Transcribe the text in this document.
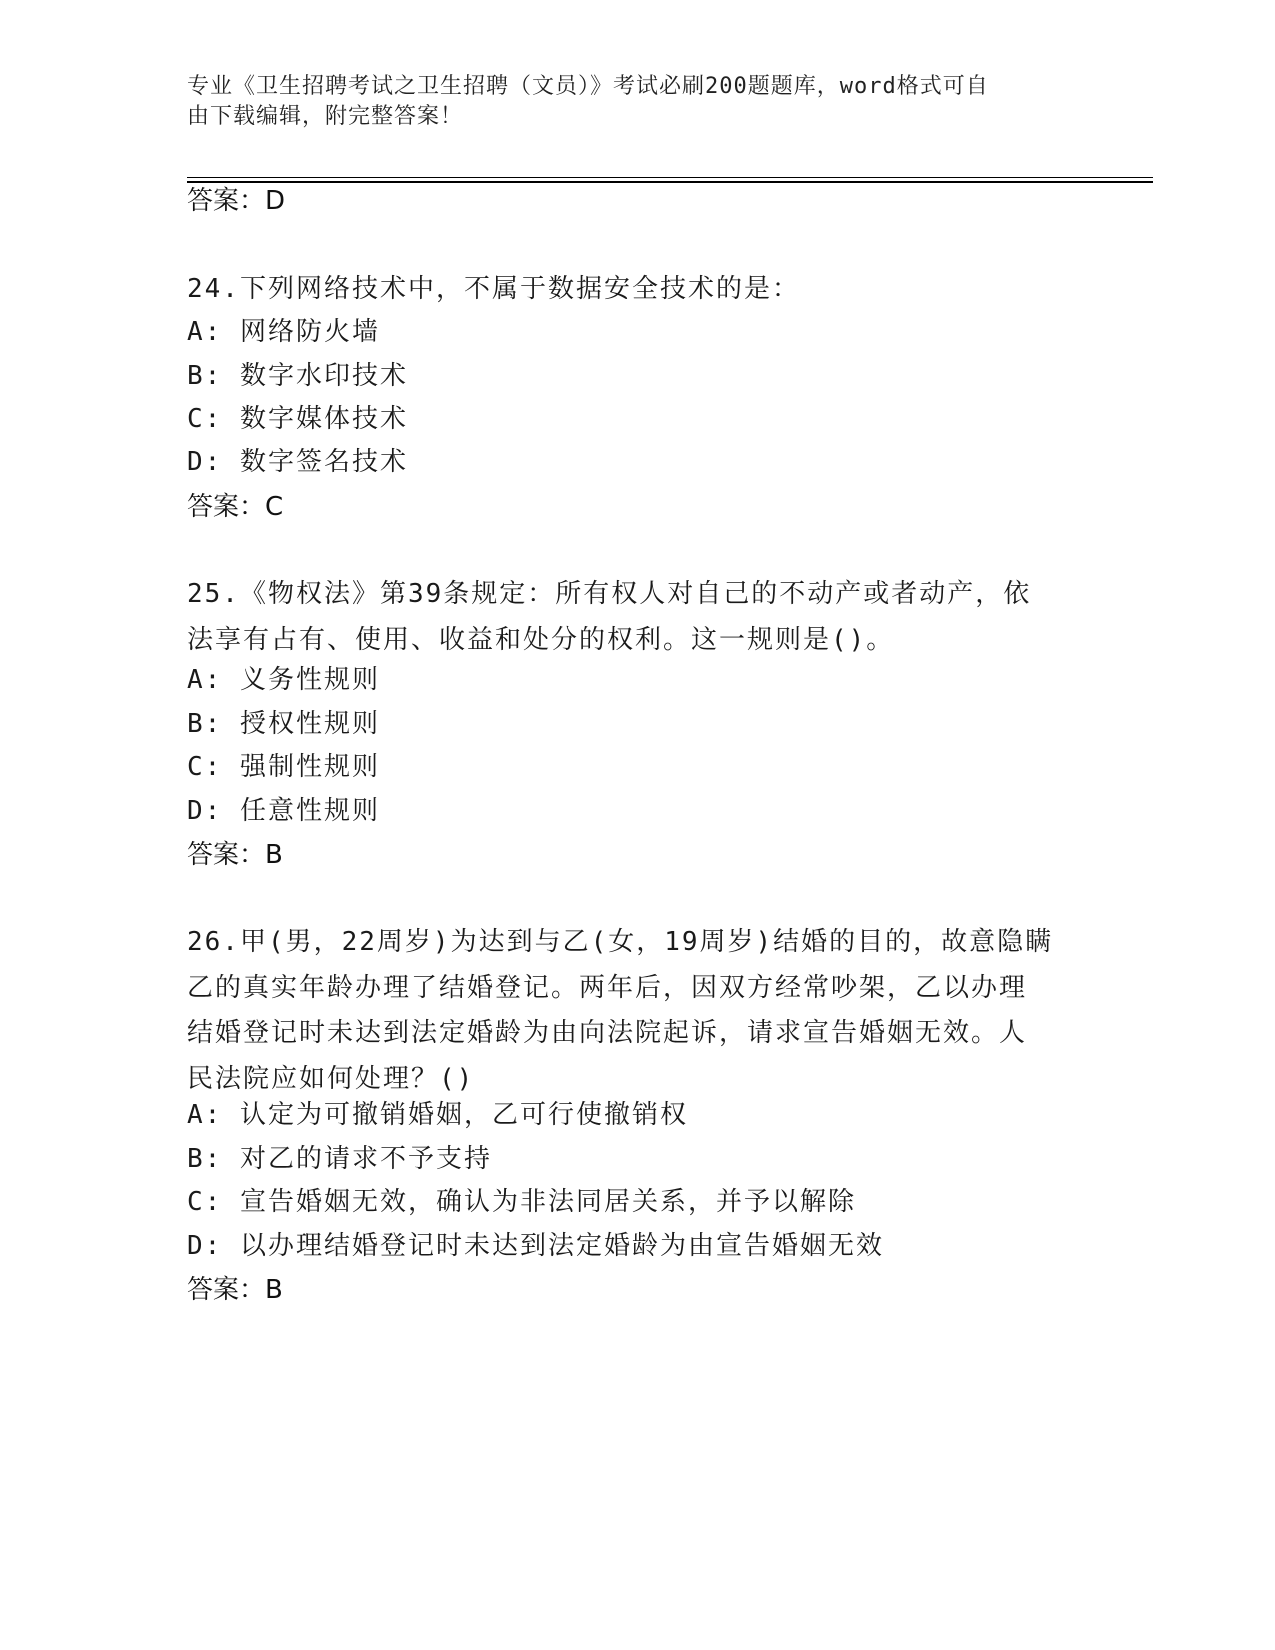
专业《卫生招聘考试之卫生招聘（文员）》考试必刷200题题库，word格式可自
由下载编辑，附完整答案！
答案：D
24.下列网络技术中，不属于数据安全技术的是：
A: 网络防火墙
B: 数字水印技术
C: 数字媒体技术
D: 数字签名技术
答案：C
25.《物权法》第39条规定：所有权人对自己的不动产或者动产，依
法享有占有、使用、收益和处分的权利。这一规则是()。
A: 义务性规则
B: 授权性规则
C: 强制性规则
D: 任意性规则
答案：B
26.甲(男，22周岁)为达到与乙(女，19周岁)结婚的目的，故意隐瞒
乙的真实年龄办理了结婚登记。两年后，因双方经常吵架，乙以办理
结婚登记时未达到法定婚龄为由向法院起诉，请求宣告婚姻无效。人
民法院应如何处理？()
A: 认定为可撤销婚姻，乙可行使撤销权
B: 对乙的请求不予支持
C: 宣告婚姻无效，确认为非法同居关系，并予以解除
D: 以办理结婚登记时未达到法定婚龄为由宣告婚姻无效
答案：B
